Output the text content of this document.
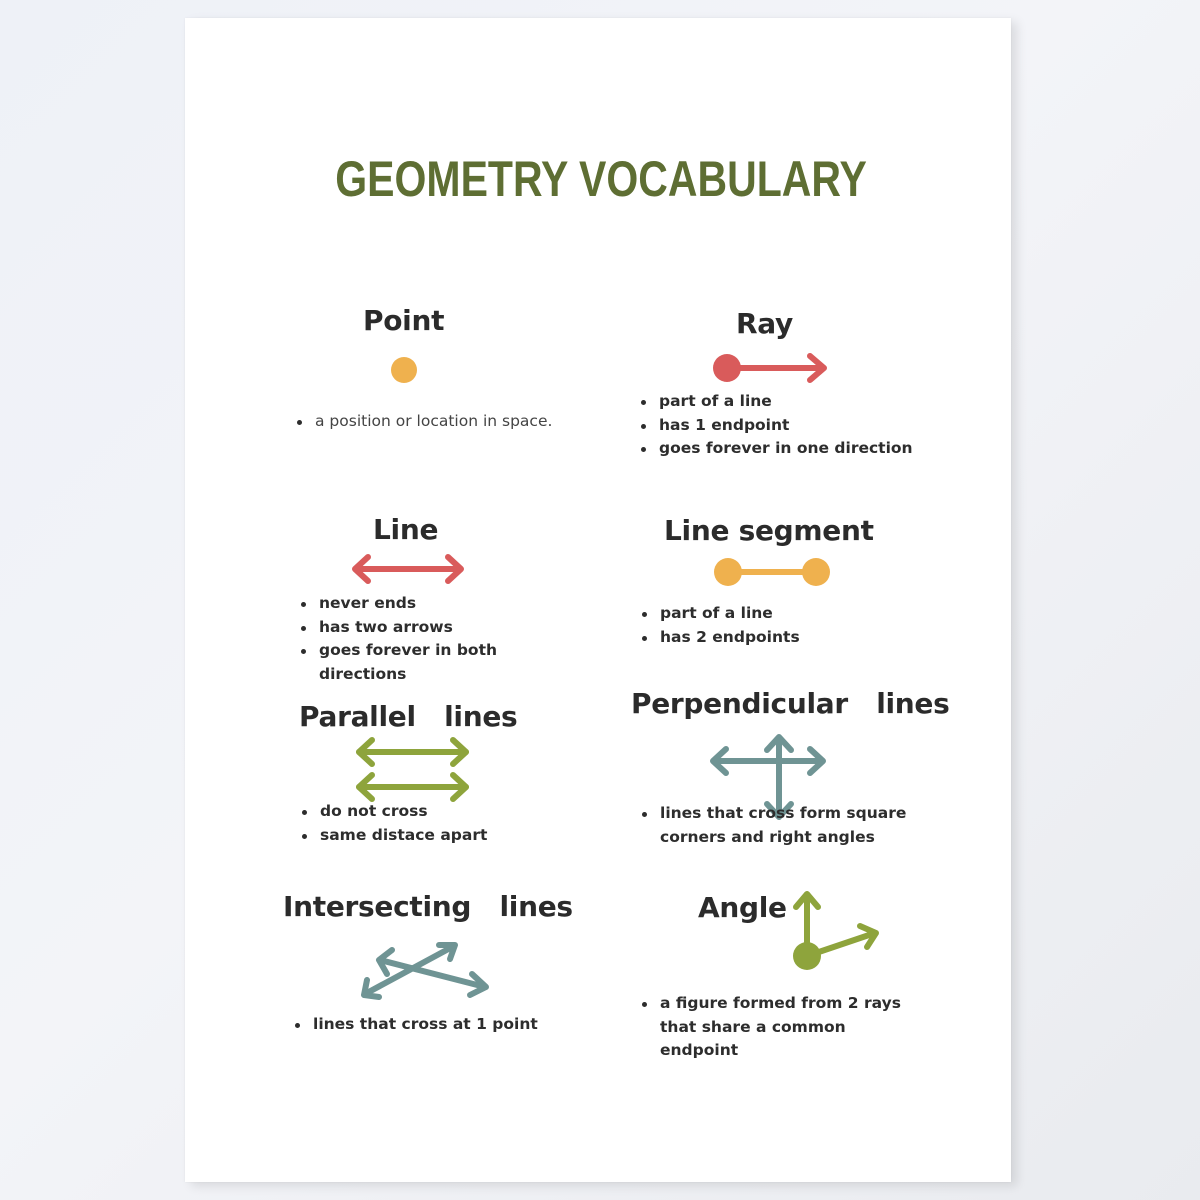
GEOMETRY VOCABULARY
Point
a position or location in space.
Ray
part of a line
has 1 endpoint
goes forever in one direction
Line
never ends
has two arrows
goes forever in both directions
Line segment
part of a line
has 2 endpoints
Parallel   lines
do not cross
same distace apart
Perpendicular   lines
lines that cross form square corners and right angles
Intersecting   lines
lines that cross at 1 point
Angle
a figure formed from 2 rays that share a common endpoint
